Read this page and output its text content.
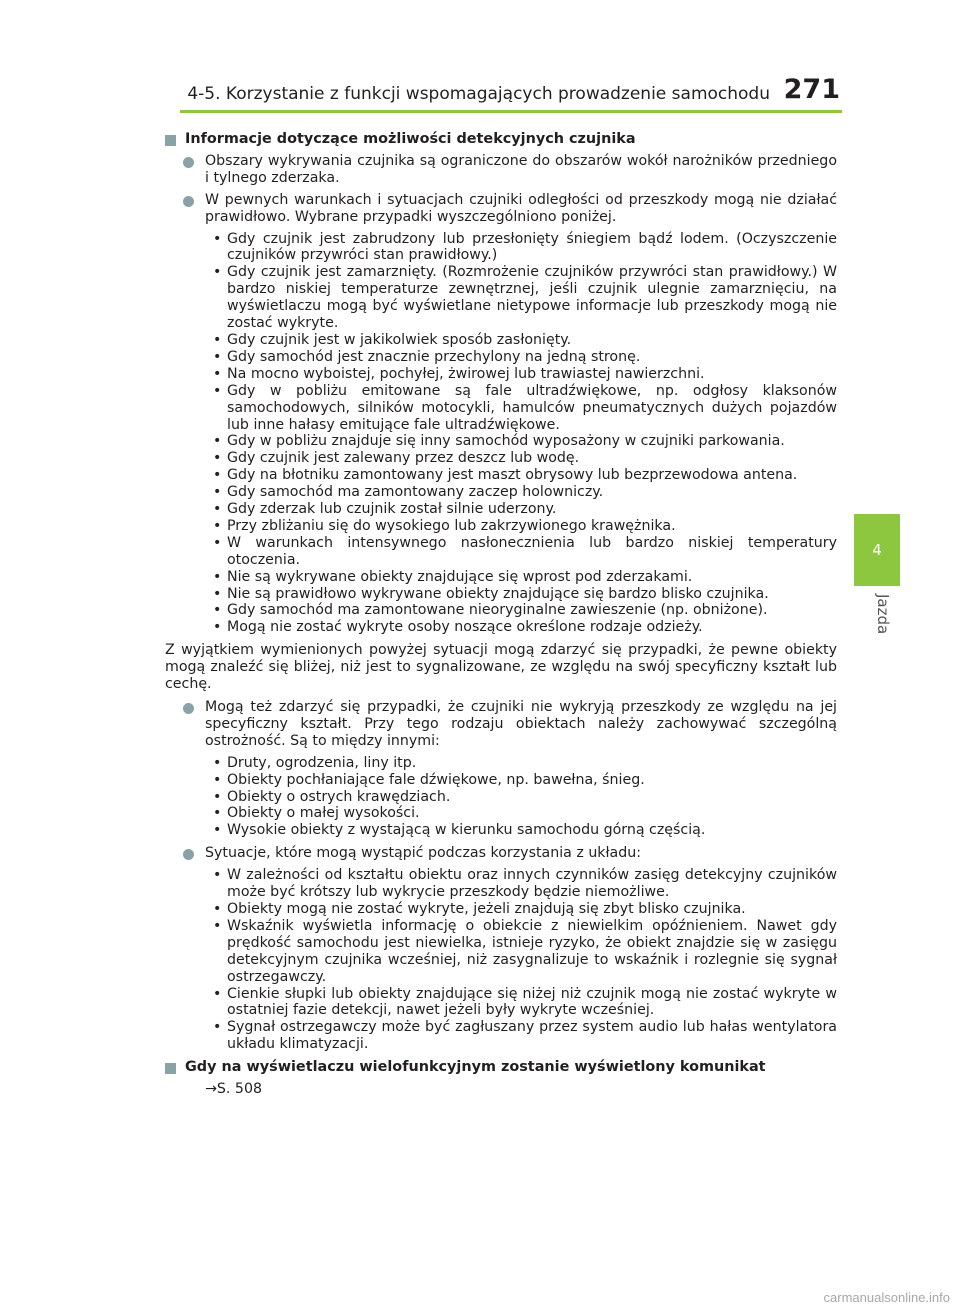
4-5. Korzystanie z funkcji wspomagających prowadzenie samochodu 271
4
Jazda

Informacje dotyczące możliwości detekcyjnych czujnika

Obszary wykrywania czujnika są ograniczone do obszarów wokół narożników przedniego i tylnego zderzaka.

W pewnych warunkach i sytuacjach czujniki odległości od przeszkody mogą nie działać prawidłowo. Wybrane przypadki wyszczególniono poniżej.

• Gdy czujnik jest zabrudzony lub przesłonięty śniegiem bądź lodem. (Oczyszczenie czujników przywróci stan prawidłowy.)
• Gdy czujnik jest zamarznięty. (Rozmrożenie czujników przywróci stan prawidłowy.) W bardzo niskiej temperaturze zewnętrznej, jeśli czujnik ulegnie zamarznięciu, na wyświetlaczu mogą być wyświetlane nietypowe informacje lub przeszkody mogą nie zostać wykryte.
• Gdy czujnik jest w jakikolwiek sposób zasłonięty.
• Gdy samochód jest znacznie przechylony na jedną stronę.
• Na mocno wyboistej, pochyłej, żwirowej lub trawiastej nawierzchni.
• Gdy w pobliżu emitowane są fale ultradźwiękowe, np. odgłosy klaksonów samochodowych, silników motocykli, hamulców pneumatycznych dużych pojazdów lub inne hałasy emitujące fale ultradźwiękowe.
• Gdy w pobliżu znajduje się inny samochód wyposażony w czujniki parkowania.
• Gdy czujnik jest zalewany przez deszcz lub wodę.
• Gdy na błotniku zamontowany jest maszt obrysowy lub bezprzewodowa antena.
• Gdy samochód ma zamontowany zaczep holowniczy.
• Gdy zderzak lub czujnik został silnie uderzony.
• Przy zbliżaniu się do wysokiego lub zakrzywionego krawężnika.
• W warunkach intensywnego nasłonecznienia lub bardzo niskiej temperatury otoczenia.
• Nie są wykrywane obiekty znajdujące się wprost pod zderzakami.
• Nie są prawidłowo wykrywane obiekty znajdujące się bardzo blisko czujnika.
• Gdy samochód ma zamontowane nieoryginalne zawieszenie (np. obniżone).
• Mogą nie zostać wykryte osoby noszące określone rodzaje odzieży.

Z wyjątkiem wymienionych powyżej sytuacji mogą zdarzyć się przypadki, że pewne obiekty mogą znaleźć się bliżej, niż jest to sygnalizowane, ze względu na swój specyficzny kształt lub cechę.

Mogą też zdarzyć się przypadki, że czujniki nie wykryją przeszkody ze względu na jej specyficzny kształt. Przy tego rodzaju obiektach należy zachowywać szczególną ostrożność. Są to między innymi:

• Druty, ogrodzenia, liny itp.
• Obiekty pochłaniające fale dźwiękowe, np. bawełna, śnieg.
• Obiekty o ostrych krawędziach.
• Obiekty o małej wysokości.
• Wysokie obiekty z wystającą w kierunku samochodu górną częścią.

Sytuacje, które mogą wystąpić podczas korzystania z układu:

• W zależności od kształtu obiektu oraz innych czynników zasięg detekcyjny czujników może być krótszy lub wykrycie przeszkody będzie niemożliwe.
• Obiekty mogą nie zostać wykryte, jeżeli znajdują się zbyt blisko czujnika.
• Wskaźnik wyświetla informację o obiekcie z niewielkim opóźnieniem. Nawet gdy prędkość samochodu jest niewielka, istnieje ryzyko, że obiekt znajdzie się w zasięgu detekcyjnym czujnika wcześniej, niż zasygnalizuje to wskaźnik i rozlegnie się sygnał ostrzegawczy.
• Cienkie słupki lub obiekty znajdujące się niżej niż czujnik mogą nie zostać wykryte w ostatniej fazie detekcji, nawet jeżeli były wykryte wcześniej.
• Sygnał ostrzegawczy może być zagłuszany przez system audio lub hałas wentylatora układu klimatyzacji.

Gdy na wyświetlaczu wielofunkcyjnym zostanie wyświetlony komunikat

→S. 508

carmanualsonline.info
